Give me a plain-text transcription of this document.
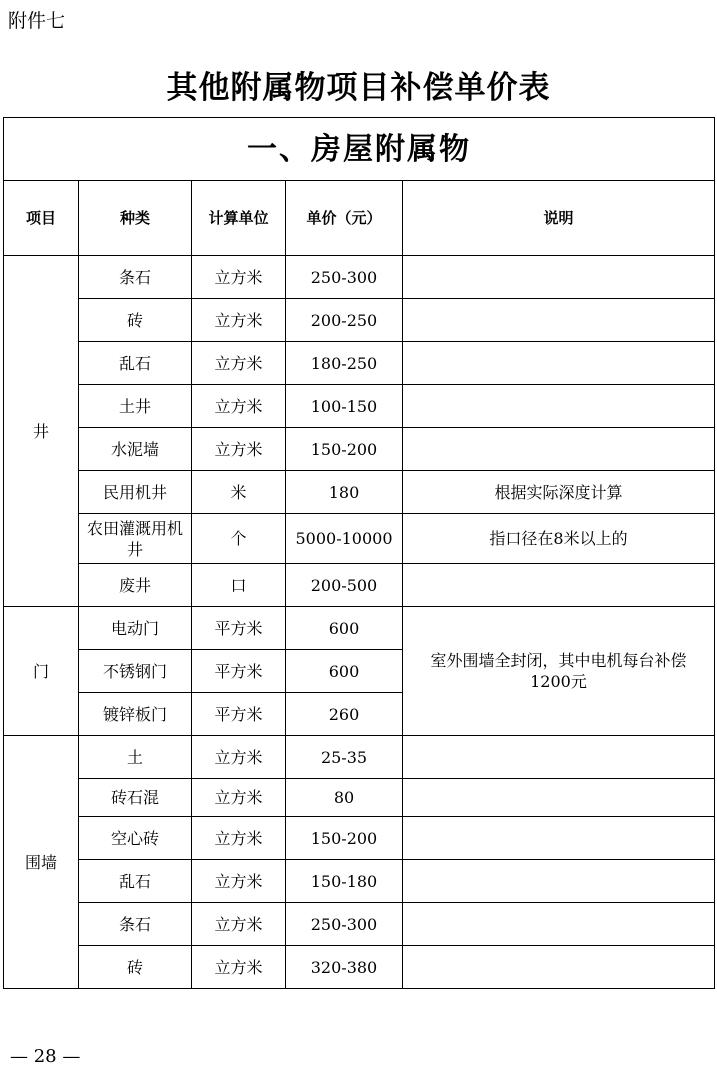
附件七
其他附属物项目补偿单价表
一、房屋附属物				
项目	种类	计算单位	单价（元）	说明
井	条石	立方米	250-300	
	砖	立方米	200-250	
	乱石	立方米	180-250	
	土井	立方米	100-150	
	水泥墙	立方米	150-200	
	民用机井	米	180	根据实际深度计算
	农田灌溉用机井	个	5000-10000	指口径在8米以上的
	废井	口	200-500	
门	电动门	平方米	600	室外围墙全封闭，其中电机每台补偿1200元
	不锈钢门	平方米	600	
	镀锌板门	平方米	260	
围墙	土	立方米	25-35	
	砖石混	立方米	80	
	空心砖	立方米	150-200	
	乱石	立方米	150-180	
	条石	立方米	250-300	
	砖	立方米	320-380	
— 28 —
